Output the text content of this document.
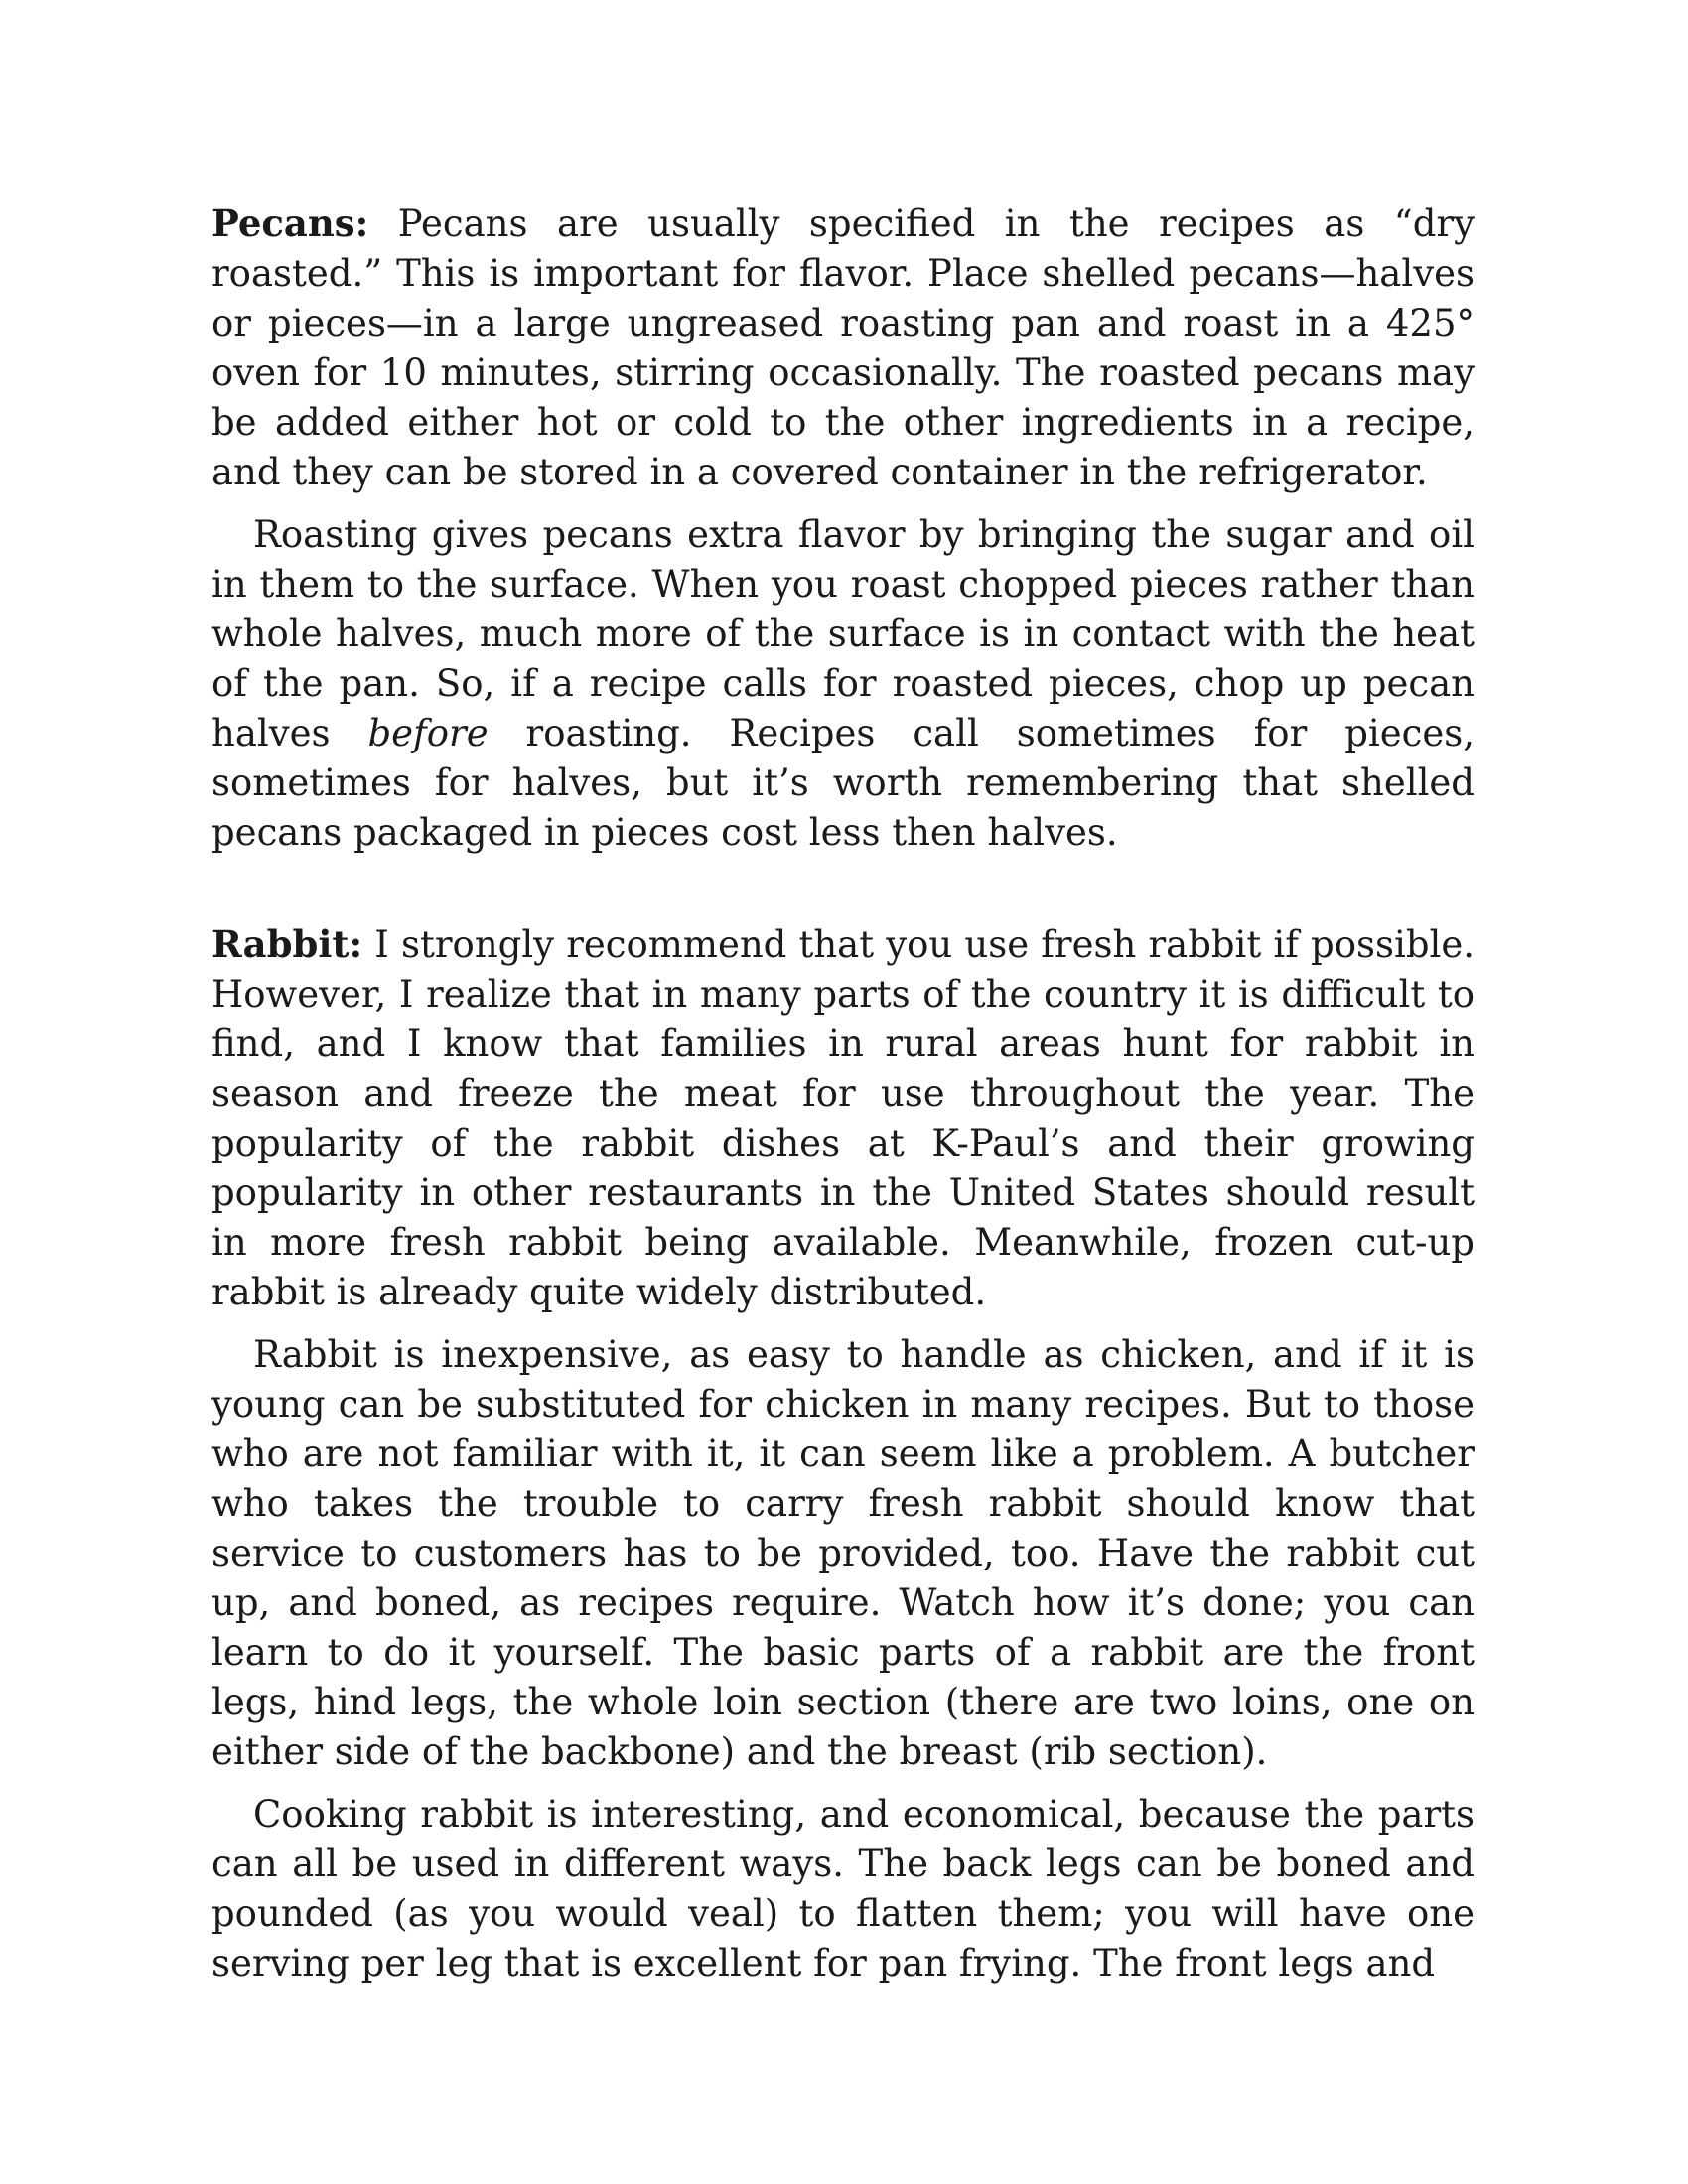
Pecans: Pecans are usually specified in the recipes as “dry roasted.” This is important for flavor. Place shelled pecans—halves or pieces—in a large ungreased roasting pan and roast in a 425° oven for 10 minutes, stirring occasionally. The roasted pecans may be added either hot or cold to the other ingredients in a recipe, and they can be stored in a covered container in the refrigerator.

Roasting gives pecans extra flavor by bringing the sugar and oil in them to the surface. When you roast chopped pieces rather than whole halves, much more of the surface is in contact with the heat of the pan. So, if a recipe calls for roasted pieces, chop up pecan halves before roasting. Recipes call sometimes for pieces, sometimes for halves, but it’s worth remembering that shelled pecans packaged in pieces cost less then halves.

Rabbit: I strongly recommend that you use fresh rabbit if possible. However, I realize that in many parts of the country it is difficult to find, and I know that families in rural areas hunt for rabbit in season and freeze the meat for use throughout the year. The popularity of the rabbit dishes at K-Paul’s and their growing popularity in other restaurants in the United States should result in more fresh rabbit being available. Meanwhile, frozen cut-up rabbit is already quite widely distributed.

Rabbit is inexpensive, as easy to handle as chicken, and if it is young can be substituted for chicken in many recipes. But to those who are not familiar with it, it can seem like a problem. A butcher who takes the trouble to carry fresh rabbit should know that service to customers has to be provided, too. Have the rabbit cut up, and boned, as recipes require. Watch how it’s done; you can learn to do it yourself. The basic parts of a rabbit are the front legs, hind legs, the whole loin section (there are two loins, one on either side of the backbone) and the breast (rib section).

Cooking rabbit is interesting, and economical, because the parts can all be used in different ways. The back legs can be boned and pounded (as you would veal) to flatten them; you will have one serving per leg that is excellent for pan frying. The front legs and
